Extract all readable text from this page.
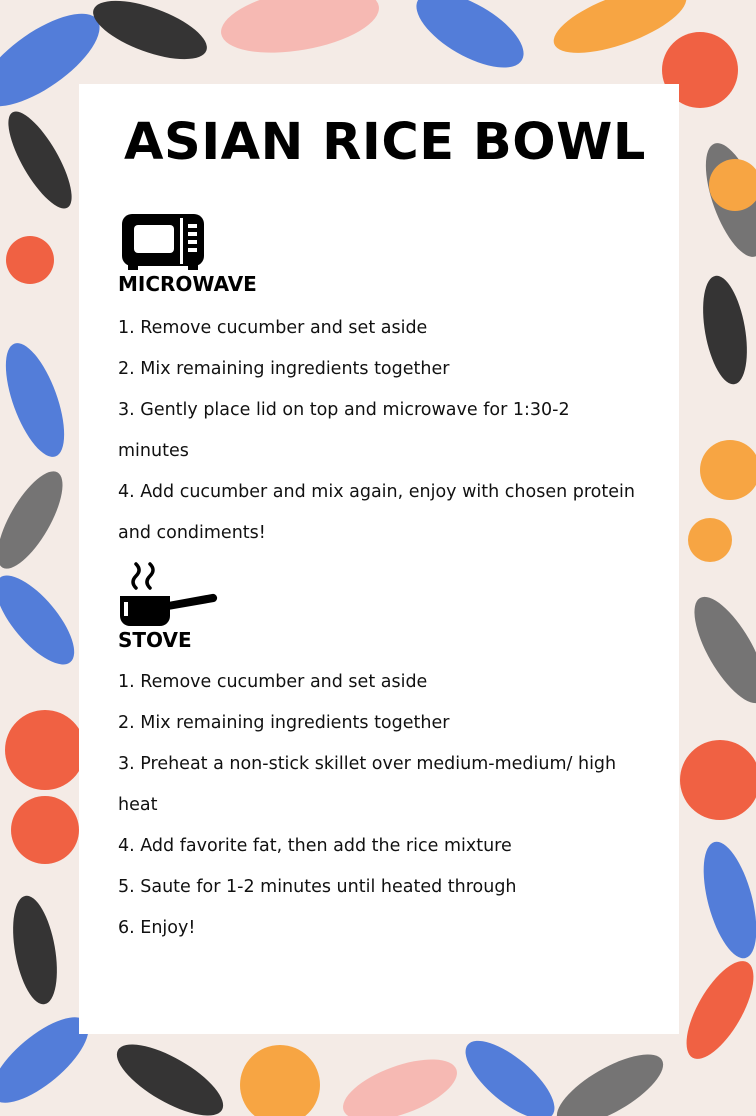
ASIAN RICE BOWL
MICROWAVE
1. Remove cucumber and set aside
2. Mix remaining ingredients together
3. Gently place lid on top and microwave for 1:30-2 minutes
4. Add cucumber and mix again, enjoy with chosen protein and condiments!
STOVE
1. Remove cucumber and set aside
2. Mix remaining ingredients together
3. Preheat a non-stick skillet over medium-medium/ high heat
4. Add favorite fat, then add the rice mixture
5. Saute for 1-2 minutes until heated through
6. Enjoy!
